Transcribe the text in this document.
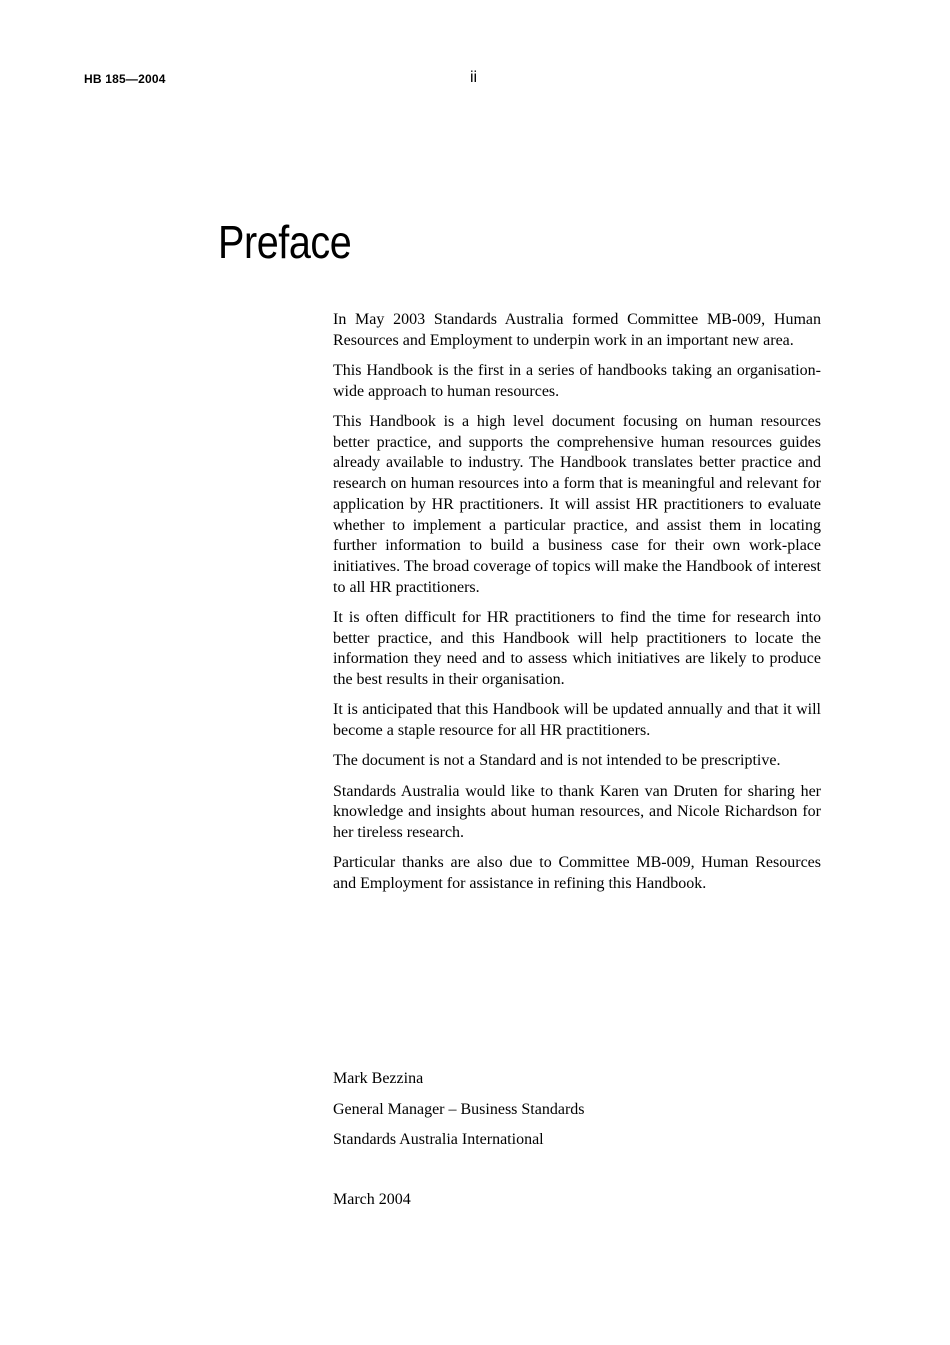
HB 185—2004	ii
Preface

In May 2003 Standards Australia formed Committee MB-009, Human Resources and Employment to underpin work in an important new area.

This Handbook is the first in a series of handbooks taking an organisation-wide approach to human resources.

This Handbook is a high level document focusing on human resources better practice, and supports the comprehensive human resources guides already available to industry. The Handbook translates better practice and research on human resources into a form that is meaningful and relevant for application by HR practitioners. It will assist HR practitioners to evaluate whether to implement a particular practice, and assist them in locating further information to build a business case for their own work-place initiatives. The broad coverage of topics will make the Handbook of interest to all HR practitioners.

It is often difficult for HR practitioners to find the time for research into better practice, and this Handbook will help practitioners to locate the information they need and to assess which initiatives are likely to produce the best results in their organisation.

It is anticipated that this Handbook will be updated annually and that it will become a staple resource for all HR practitioners.

The document is not a Standard and is not intended to be prescriptive.

Standards Australia would like to thank Karen van Druten for sharing her knowledge and insights about human resources, and Nicole Richardson for her tireless research.

Particular thanks are also due to Committee MB-009, Human Resources and Employment for assistance in refining this Handbook.

Mark Bezzina
General Manager – Business Standards
Standards Australia International
March 2004
